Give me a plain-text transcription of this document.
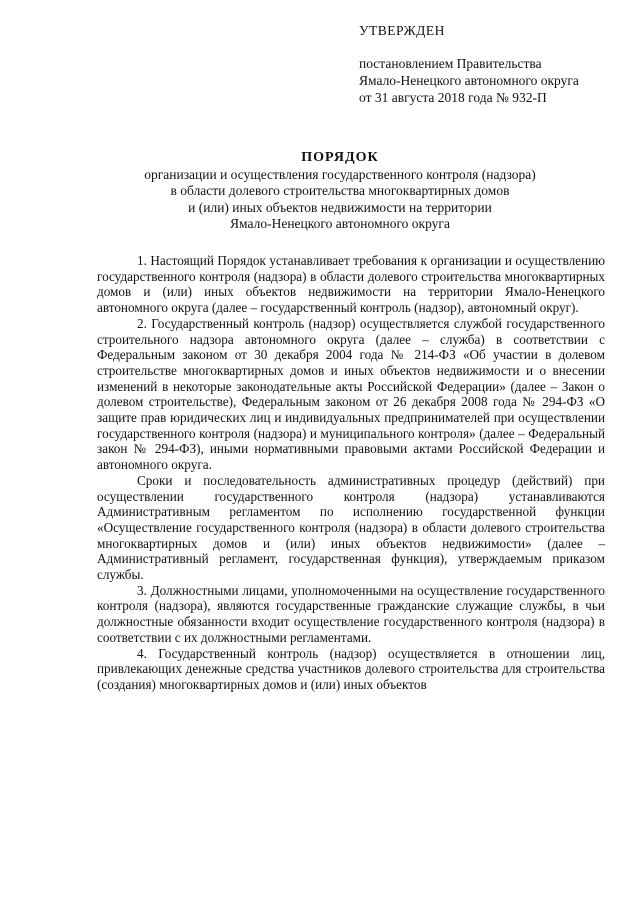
УТВЕРЖДЕН
постановлением Правительства
Ямало-Ненецкого автономного округа
от 31 августа 2018 года № 932-П
ПОРЯДОК
организации и осуществления государственного контроля (надзора)
в области долевого строительства многоквартирных домов
и (или) иных объектов недвижимости на территории
Ямало-Ненецкого автономного округа

1. Настоящий Порядок устанавливает требования к организации и осуществлению государственного контроля (надзора) в области долевого строительства многоквартирных домов и (или) иных объектов недвижимости на территории Ямало-Ненецкого автономного округа (далее – государственный контроль (надзор), автономный округ).

2. Государственный контроль (надзор) осуществляется службой государственного строительного надзора автономного округа (далее – служба) в соответствии с Федеральным законом от 30 декабря 2004 года № 214-ФЗ «Об участии в долевом строительстве многоквартирных домов и иных объектов недвижимости и о внесении изменений в некоторые законодательные акты Российской Федерации» (далее – Закон о долевом строительстве), Федеральным законом от 26 декабря 2008 года № 294-ФЗ «О защите прав юридических лиц и индивидуальных предпринимателей при осуществлении государственного контроля (надзора) и муниципального контроля» (далее – Федеральный закон № 294-ФЗ), иными нормативными правовыми актами Российской Федерации и автономного округа.

Сроки и последовательность административных процедур (действий) при осуществлении государственного контроля (надзора) устанавливаются Административным регламентом по исполнению государственной функции «Осуществление государственного контроля (надзора) в области долевого строительства многоквартирных домов и (или) иных объектов недвижимости» (далее – Административный регламент, государственная функция), утверждаемым приказом службы.

3. Должностными лицами, уполномоченными на осуществление государственного контроля (надзора), являются государственные гражданские служащие службы, в чьи должностные обязанности входит осуществление государственного контроля (надзора) в соответствии с их должностными регламентами.

4. Государственный контроль (надзор) осуществляется в отношении лиц, привлекающих денежные средства участников долевого строительства для строительства (создания) многоквартирных домов и (или) иных объектов
